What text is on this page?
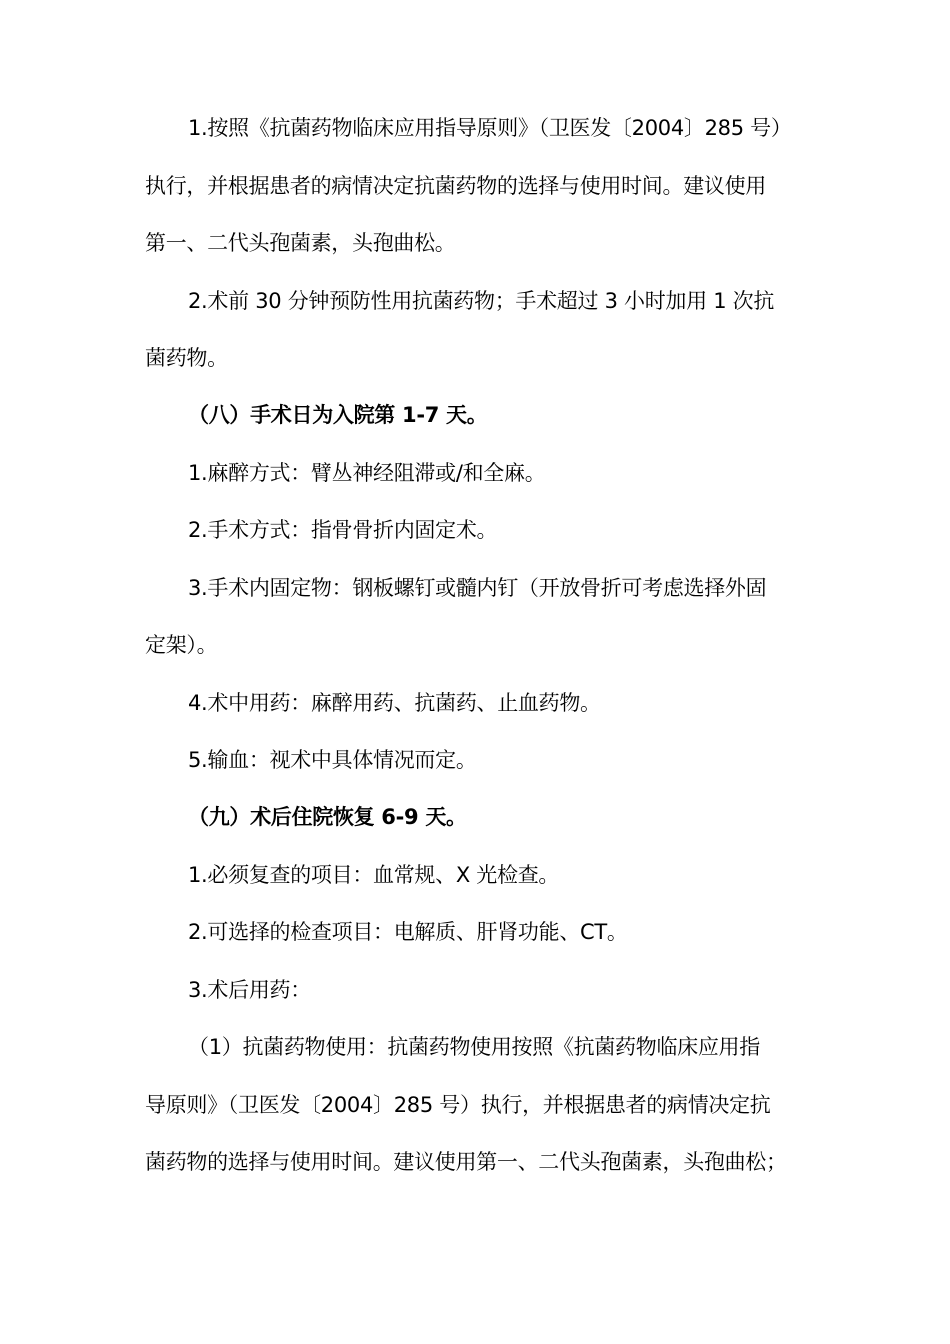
1.按照《抗菌药物临床应用指导原则》（卫医发〔2004〕285 号）
执行，并根据患者的病情决定抗菌药物的选择与使用时间。建议使用
第一、二代头孢菌素，头孢曲松。
2.术前 30 分钟预防性用抗菌药物；手术超过 3 小时加用 1 次抗
菌药物。
（八）手术日为入院第 1-7 天。
1.麻醉方式：臂丛神经阻滞或/和全麻。
2.手术方式：指骨骨折内固定术。
3.手术内固定物：钢板螺钉或髓内钉（开放骨折可考虑选择外固
定架）。
4.术中用药：麻醉用药、抗菌药、止血药物。
5.输血：视术中具体情况而定。
（九）术后住院恢复 6-9 天。
1.必须复查的项目：血常规、X 光检查。
2.可选择的检查项目：电解质、肝肾功能、CT。
3.术后用药：
（1）抗菌药物使用：抗菌药物使用按照《抗菌药物临床应用指
导原则》（卫医发〔2004〕285 号）执行，并根据患者的病情决定抗
菌药物的选择与使用时间。建议使用第一、二代头孢菌素，头孢曲松；
